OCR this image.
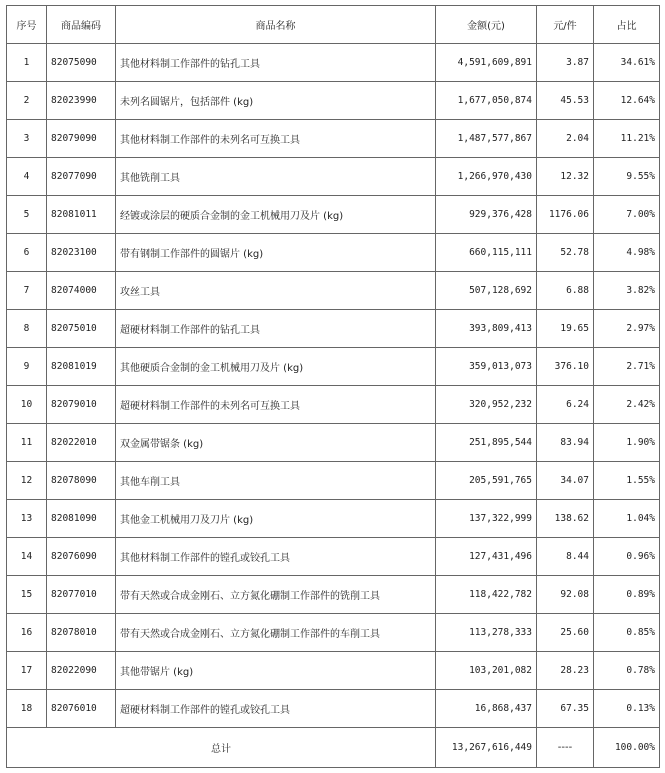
序号	商品编码	商品名称	金额(元)	元/件	占比
1	82075090	其他材料制工作部件的钻孔工具	4,591,609,891	3.87	34.61%
2	82023990	未列名圆锯片，包括部件 (kg)	1,677,050,874	45.53	12.64%
3	82079090	其他材料制工作部件的未列名可互换工具	1,487,577,867	2.04	11.21%
4	82077090	其他铣削工具	1,266,970,430	12.32	9.55%
5	82081011	经镀或涂层的硬质合金制的金工机械用刀及片 (kg)	929,376,428	1176.06	7.00%
6	82023100	带有钢制工作部件的圆锯片 (kg)	660,115,111	52.78	4.98%
7	82074000	攻丝工具	507,128,692	6.88	3.82%
8	82075010	超硬材料制工作部件的钻孔工具	393,809,413	19.65	2.97%
9	82081019	其他硬质合金制的金工机械用刀及片 (kg)	359,013,073	376.10	2.71%
10	82079010	超硬材料制工作部件的未列名可互换工具	320,952,232	6.24	2.42%
11	82022010	双金属带锯条 (kg)	251,895,544	83.94	1.90%
12	82078090	其他车削工具	205,591,765	34.07	1.55%
13	82081090	其他金工机械用刀及刀片 (kg)	137,322,999	138.62	1.04%
14	82076090	其他材料制工作部件的镗孔或铰孔工具	127,431,496	8.44	0.96%
15	82077010	带有天然或合成金刚石、立方氮化硼制工作部件的铣削工具	118,422,782	92.08	0.89%
16	82078010	带有天然或合成金刚石、立方氮化硼制工作部件的车削工具	113,278,333	25.60	0.85%
17	82022090	其他带锯片 (kg)	103,201,082	28.23	0.78%
18	82076010	超硬材料制工作部件的镗孔或铰孔工具	16,868,437	67.35	0.13%
总计			13,267,616,449	----	100.00%
